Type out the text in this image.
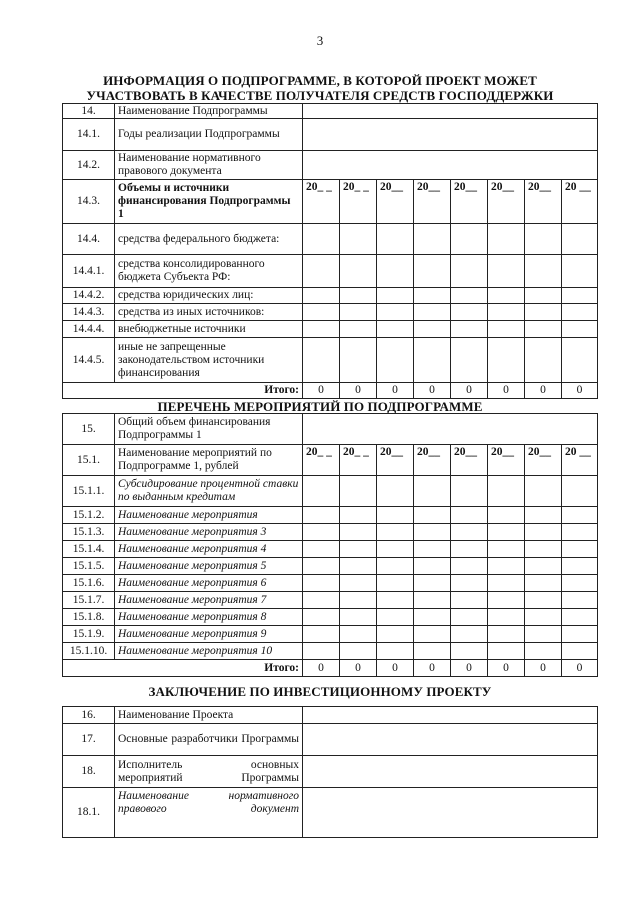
3
ИНФОРМАЦИЯ О ПОДПРОГРАММЕ, В КОТОРОЙ ПРОЕКТ МОЖЕТ
УЧАСТВОВАТЬ В КАЧЕСТВЕ ПОЛУЧАТЕЛЯ СРЕДСТВ ГОСПОДДЕРЖКИ
14.	Наименование Подпрограммы								
14.1.	Годы реализации Подпрограммы								
14.2.	Наименование нормативного правового документа								
14.3.	Объемы и источники финансирования Подпрограммы 1	20_ _	20_ _	20__	20__	20__	20__	20__	20 __
14.4.	средства федерального бюджета:								
14.4.1.	средства консолидированного бюджета Субъекта РФ:								
14.4.2.	средства юридических лиц:								
14.4.3.	средства из иных источников:								
14.4.4.	внебюджетные источники								
14.4.5.	иные не запрещенные законодательством источники финансирования								
Итого:		0	0	0	0	0	0	0	0
ПЕРЕЧЕНЬ МЕРОПРИЯТИЙ ПО ПОДПРОГРАММЕ
15.	Общий объем финансирования Подпрограммы 1								
15.1.	Наименование мероприятий по Подпрограмме 1, рублей	20_ _	20_ _	20__	20__	20__	20__	20__	20 __
15.1.1.	Субсидирование процентной ставки по выданным кредитам								
15.1.2.	Наименование мероприятия								
15.1.3.	Наименование мероприятия 3								
15.1.4.	Наименование мероприятия 4								
15.1.5.	Наименование мероприятия 5								
15.1.6.	Наименование мероприятия 6								
15.1.7.	Наименование мероприятия 7								
15.1.8.	Наименование мероприятия 8								
15.1.9.	Наименование мероприятия 9								
15.1.10.	Наименование мероприятия 10								
Итого:		0	0	0	0	0	0	0	0
ЗАКЛЮЧЕНИЕ ПО ИНВЕСТИЦИОННОМУ ПРОЕКТУ
16.	Наименование Проекта	
17.	Основные разработчики Программы	
18.	Исполнитель основных мероприятий Программы	
18.1.	Наименование нормативного правового документ	
